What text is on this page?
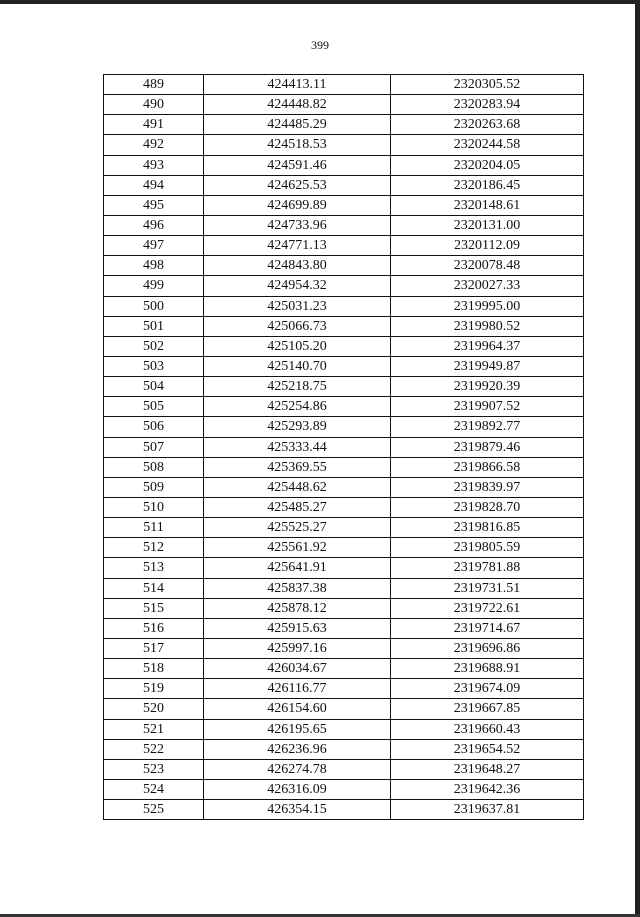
399
489	424413.11	2320305.52
490	424448.82	2320283.94
491	424485.29	2320263.68
492	424518.53	2320244.58
493	424591.46	2320204.05
494	424625.53	2320186.45
495	424699.89	2320148.61
496	424733.96	2320131.00
497	424771.13	2320112.09
498	424843.80	2320078.48
499	424954.32	2320027.33
500	425031.23	2319995.00
501	425066.73	2319980.52
502	425105.20	2319964.37
503	425140.70	2319949.87
504	425218.75	2319920.39
505	425254.86	2319907.52
506	425293.89	2319892.77
507	425333.44	2319879.46
508	425369.55	2319866.58
509	425448.62	2319839.97
510	425485.27	2319828.70
511	425525.27	2319816.85
512	425561.92	2319805.59
513	425641.91	2319781.88
514	425837.38	2319731.51
515	425878.12	2319722.61
516	425915.63	2319714.67
517	425997.16	2319696.86
518	426034.67	2319688.91
519	426116.77	2319674.09
520	426154.60	2319667.85
521	426195.65	2319660.43
522	426236.96	2319654.52
523	426274.78	2319648.27
524	426316.09	2319642.36
525	426354.15	2319637.81
